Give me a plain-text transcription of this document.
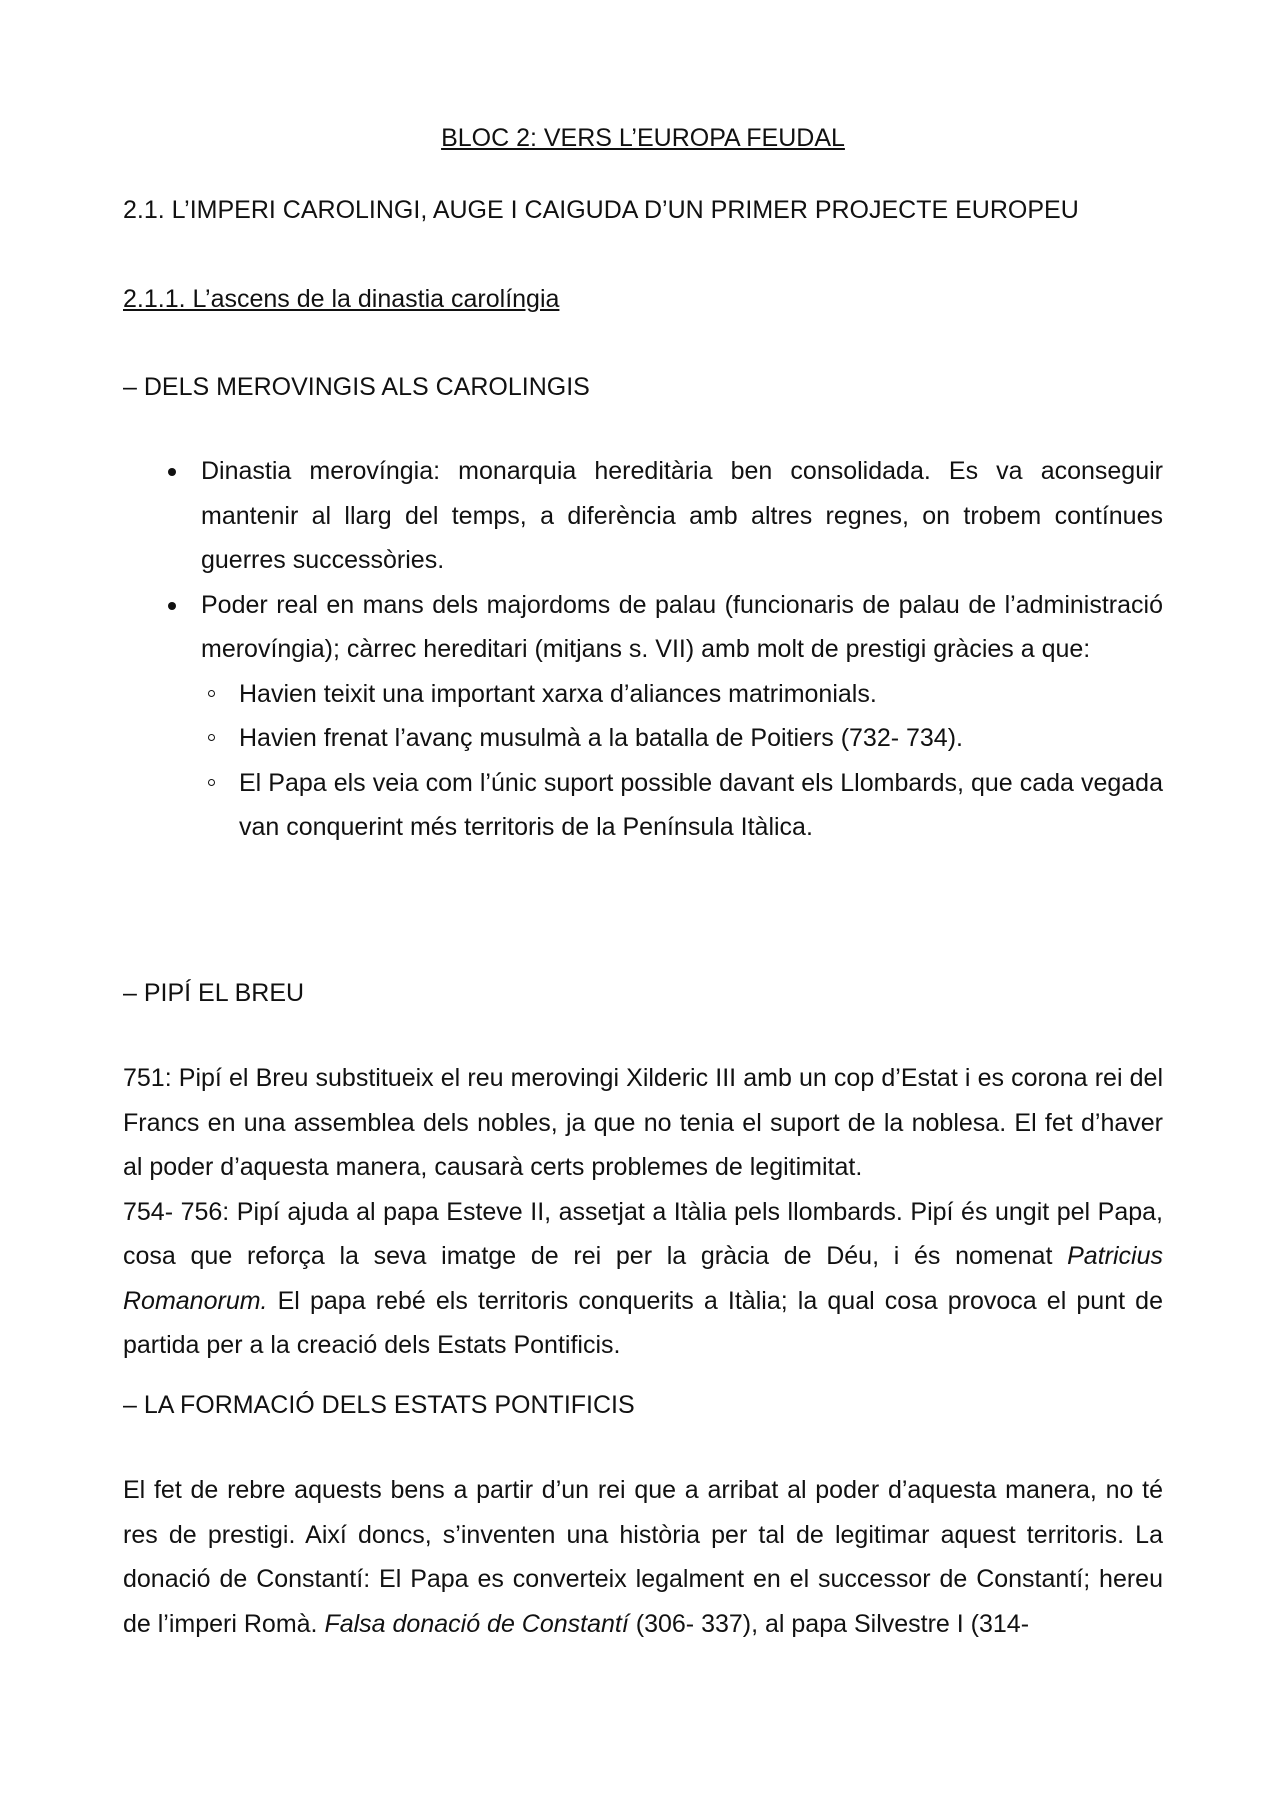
BLOC 2: VERS L’EUROPA FEUDAL

2.1. L’IMPERI CAROLINGI, AUGE I CAIGUDA D’UN PRIMER PROJECTE EUROPEU

2.1.1. L’ascens de la dinastia carolíngia

– DELS MEROVINGIS ALS CAROLINGIS

Dinastia merovíngia: monarquia hereditària ben consolidada. Es va aconseguir mantenir al llarg del temps, a diferència amb altres regnes, on trobem contínues guerres successòries.
Poder real en mans dels majordoms de palau (funcionaris de palau de l’administració merovíngia); càrrec hereditari (mitjans s. VII) amb molt de prestigi gràcies a que:
Havien teixit una important xarxa d’aliances matrimonials.
Havien frenat l’avanç musulmà a la batalla de Poitiers (732- 734).
El Papa els veia com l’únic suport possible davant els Llombards, que cada vegada van conquerint més territoris de la Península Itàlica.

– PIPÍ EL BREU

751: Pipí el Breu substitueix el reu merovingi Xilderic III amb un cop d’Estat i es corona rei del Francs en una assemblea dels nobles, ja que no tenia el suport de la noblesa. El fet d’haver al poder d’aquesta manera, causarà certs problemes de legitimitat.

754- 756: Pipí ajuda al papa Esteve II, assetjat a Itàlia pels llombards. Pipí és ungit pel Papa, cosa que reforça la seva imatge de rei per la gràcia de Déu, i és nomenat Patricius Romanorum. El papa rebé els territoris conquerits a Itàlia; la qual cosa provoca el punt de partida per a la creació dels Estats Pontificis.

– LA FORMACIÓ DELS ESTATS PONTIFICIS

El fet de rebre aquests bens a partir d’un rei que a arribat al poder d’aquesta manera, no té res de prestigi. Així doncs, s’inventen una història per tal de legitimar aquest territoris. La donació de Constantí: El Papa es converteix legalment en el successor de Constantí; hereu de l’imperi Romà. Falsa donació de Constantí (306- 337), al papa Silvestre I (314-
